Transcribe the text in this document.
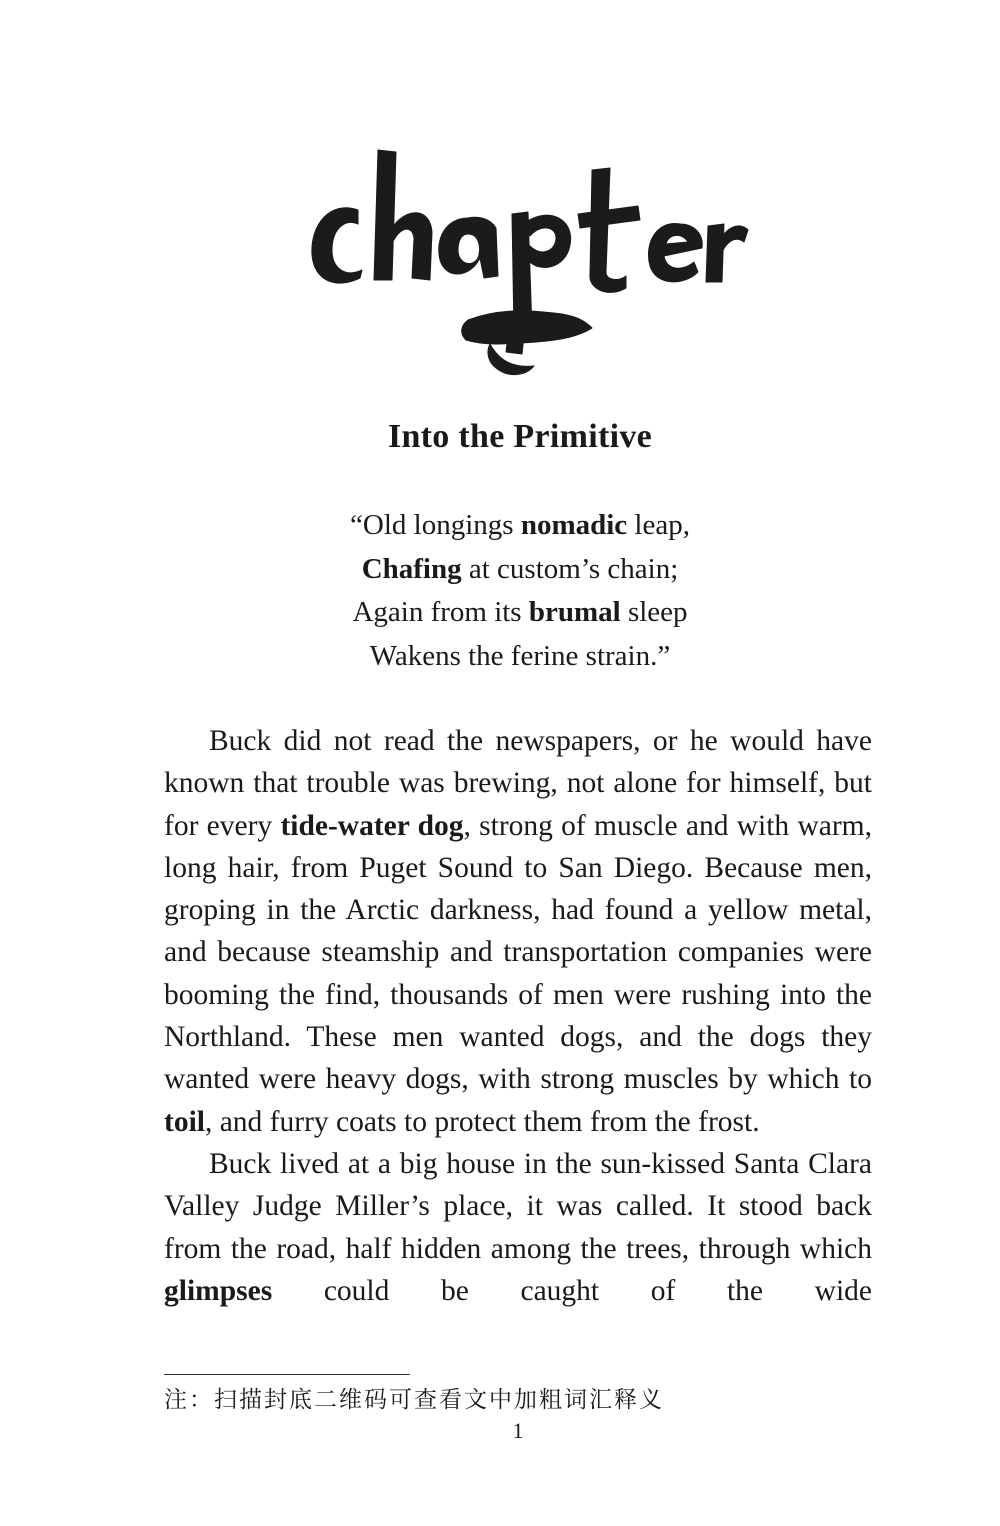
Into the Primitive
“Old longings nomadic leap,
Chafing at custom’s chain;
Again from its brumal sleep
Wakens the ferine strain.”

Buck did not read the newspapers, or he would have known that trouble was brewing, not alone for himself, but for every tide-water dog, strong of muscle and with warm, long hair, from Puget Sound to San Diego. Because men, groping in the Arctic darkness, had found a yellow metal, and because steamship and transportation companies were booming the find, thousands of men were rushing into the Northland. These men wanted dogs, and the dogs they wanted were heavy dogs, with strong muscles by which to toil, and furry coats to protect them from the frost.

Buck lived at a big house in the sun-kissed Santa Clara Valley Judge Miller’s place, it was called. It stood back from the road, half hidden among the trees, through which glimpses could be caught of the wide

注：扫描封底二维码可查看文中加粗词汇释义
1
